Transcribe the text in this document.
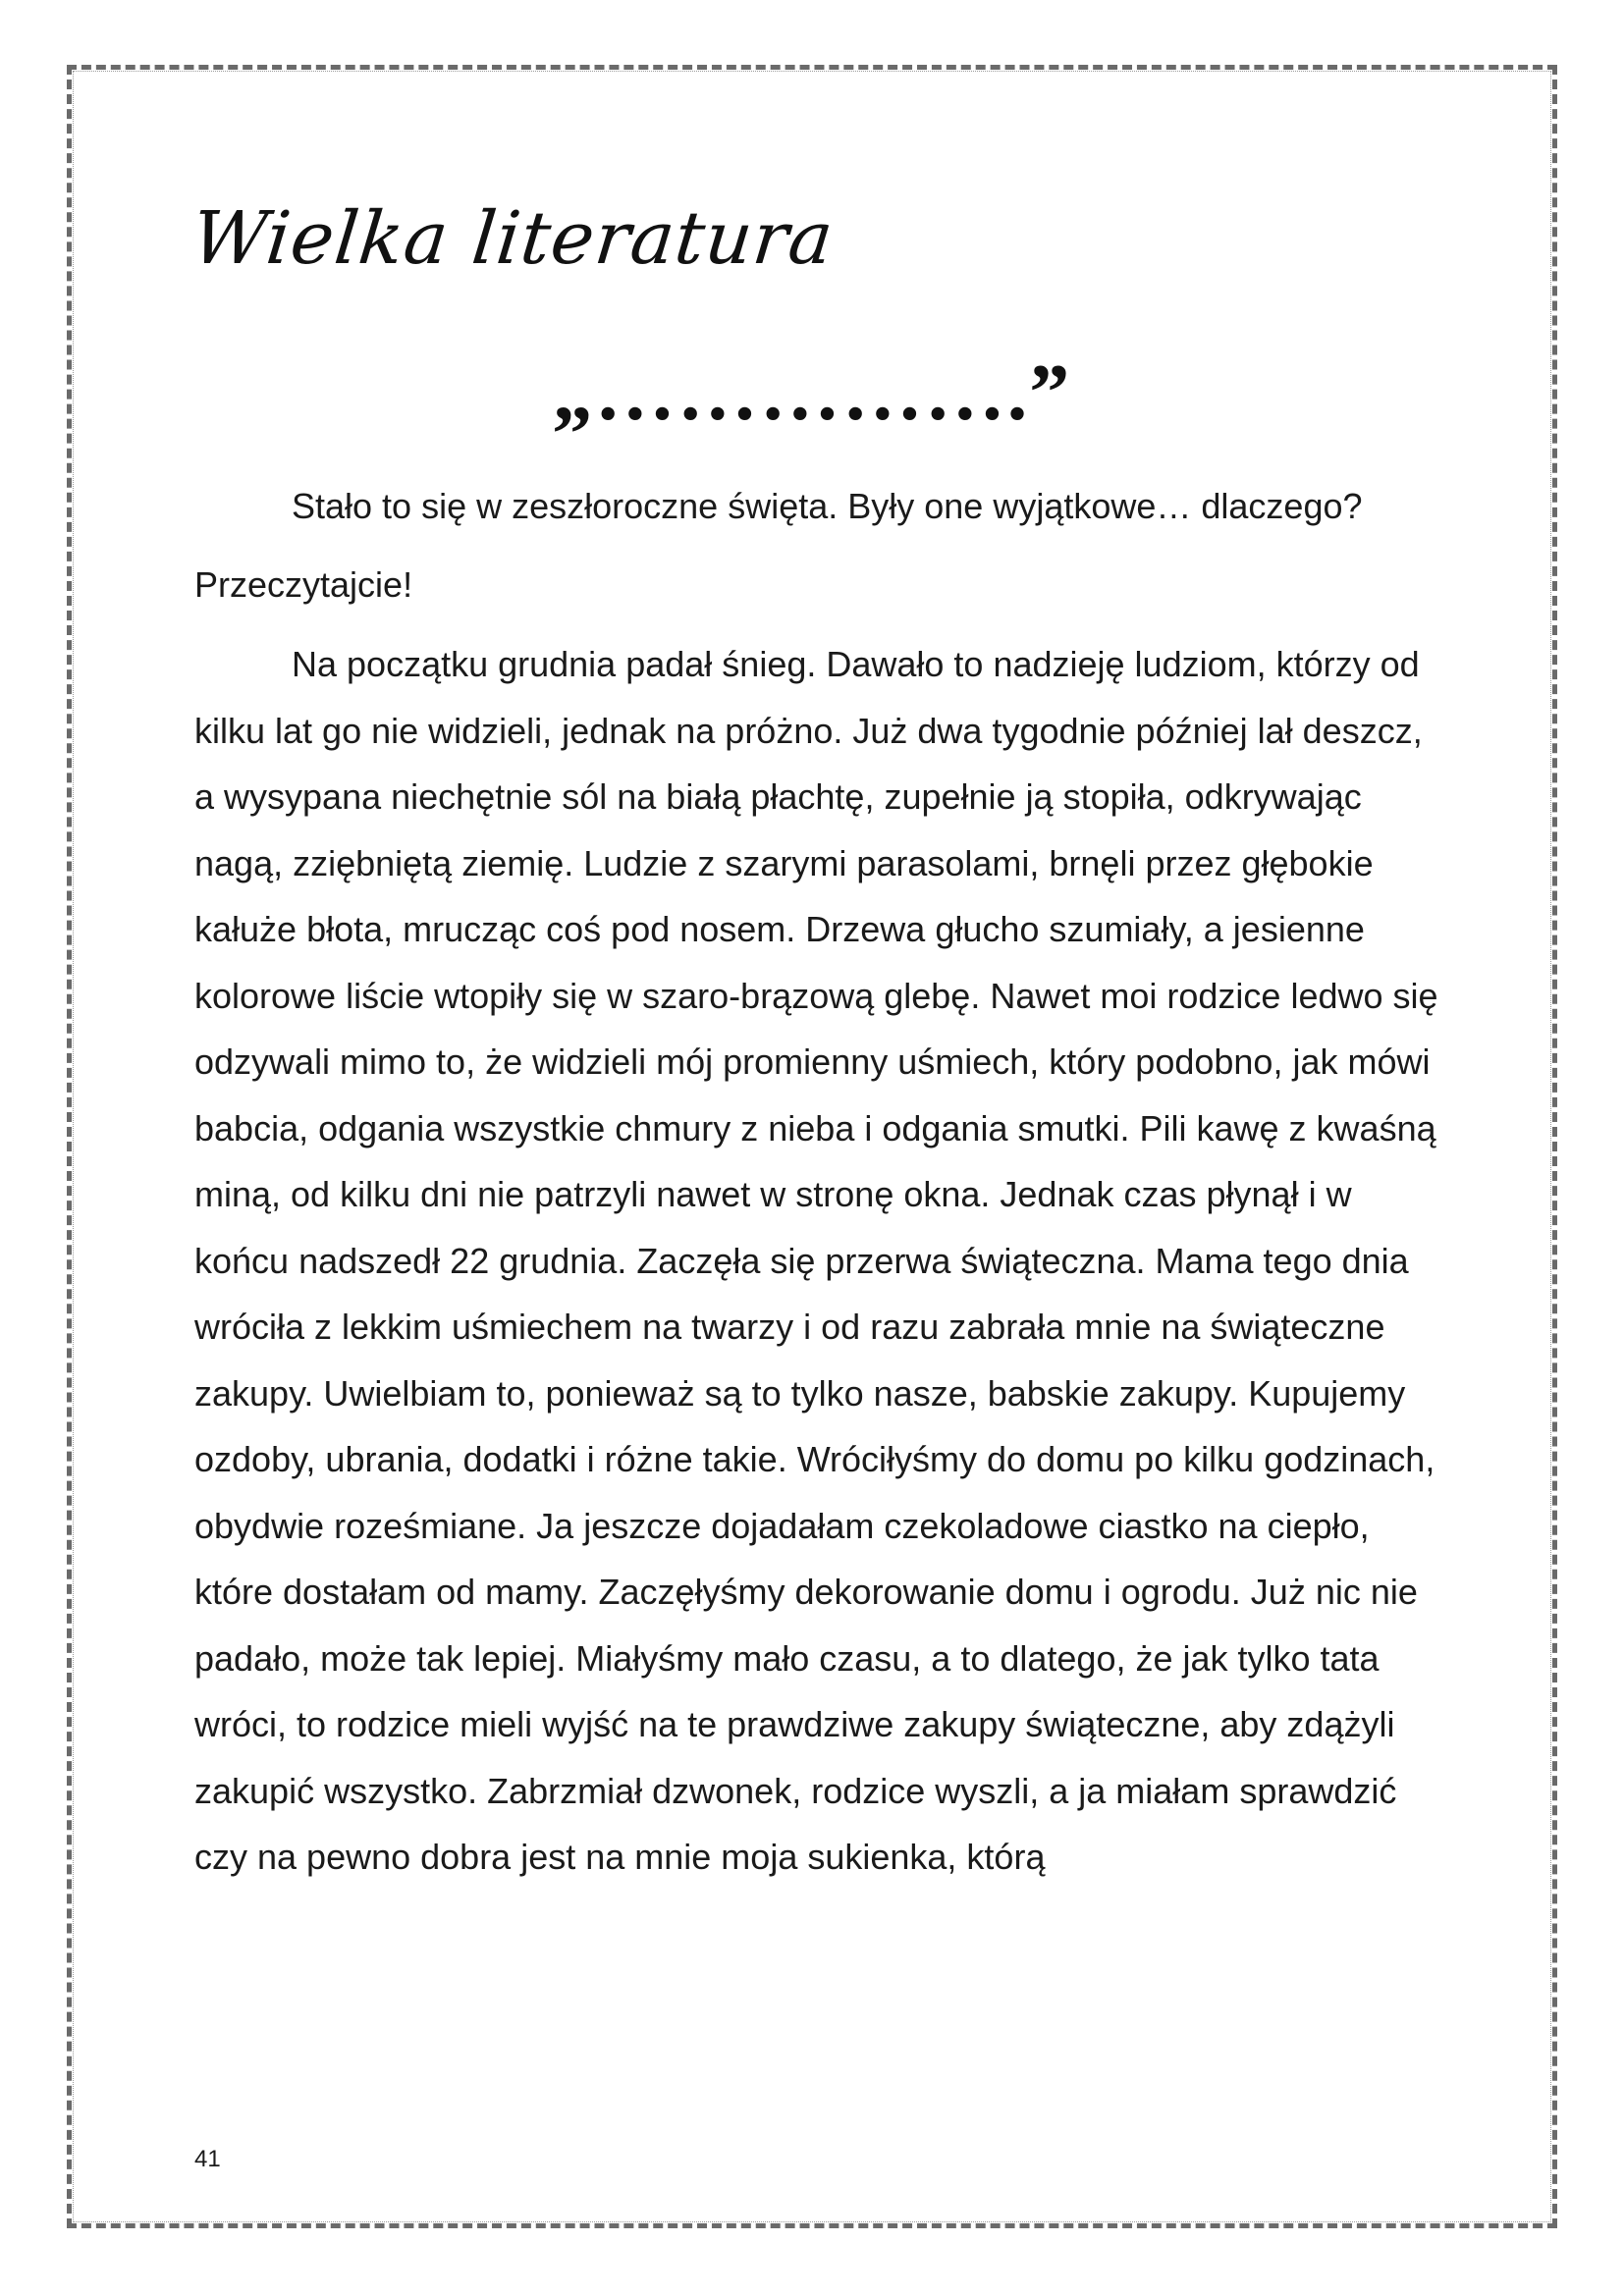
Wielka literatura
„…………….”

Stało to się w zeszłoroczne święta. Były one wyjątkowe… dlaczego?

Przeczytajcie!

Na początku grudnia padał śnieg. Dawało to nadzieję ludziom, którzy od kilku lat go nie widzieli, jednak na próżno. Już dwa tygodnie później lał deszcz, a wysypana niechętnie sól na białą płachtę, zupełnie ją stopiła, odkrywając nagą, zziębniętą ziemię. Ludzie z szarymi parasolami, brnęli przez głębokie kałuże błota, mrucząc coś pod nosem. Drzewa głucho szumiały, a jesienne kolorowe liście wtopiły się w szaro-brązową glebę. Nawet moi rodzice ledwo się odzywali mimo to, że widzieli mój promienny uśmiech, który podobno, jak mówi babcia, odgania wszystkie chmury z nieba i odgania smutki. Pili kawę z kwaśną miną, od kilku dni nie patrzyli nawet w stronę okna. Jednak czas płynął i w końcu nadszedł 22 grudnia. Zaczęła się przerwa świąteczna. Mama tego dnia wróciła z lekkim uśmiechem na twarzy i od razu zabrała mnie na świąteczne zakupy. Uwielbiam to, ponieważ są to tylko nasze, babskie zakupy. Kupujemy ozdoby, ubrania, dodatki i różne takie. Wróciłyśmy do domu po kilku godzinach, obydwie roześmiane. Ja jeszcze dojadałam czekoladowe ciastko na ciepło, które dostałam od mamy. Zaczęłyśmy dekorowanie domu i ogrodu. Już nic nie padało, może tak lepiej. Miałyśmy mało czasu, a to dlatego, że jak tylko tata wróci, to rodzice mieli wyjść na te prawdziwe zakupy świąteczne, aby zdążyli zakupić wszystko. Zabrzmiał dzwonek, rodzice wyszli, a ja miałam sprawdzić czy na pewno dobra jest na mnie moja sukienka, którą

41
